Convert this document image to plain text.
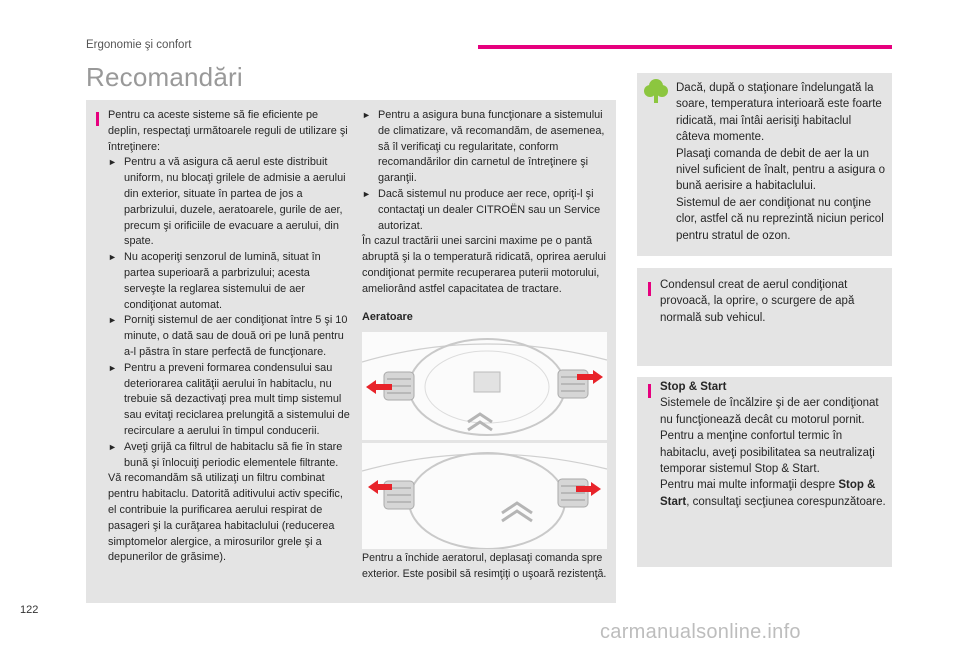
Ergonomie şi confort
Recomandări

Pentru ca aceste sisteme să fie eficiente pe deplin, respectaţi următoarele reguli de utilizare şi întreţinere:

► Pentru a vă asigura că aerul este distribuit uniform, nu blocaţi grilele de admisie a aerului din exterior, situate în partea de jos a parbrizului, duzele, aeratoarele, gurile de aer, precum şi orificiile de evacuare a aerului, din spate.
► Nu acoperiţi senzorul de lumină, situat în partea superioară a parbrizului; acesta serveşte la reglarea sistemului de aer condiţionat automat.
► Porniţi sistemul de aer condiţionat între 5 şi 10 minute, o dată sau de două ori pe lună pentru a-l păstra în stare perfectă de funcţionare.
► Pentru a preveni formarea condensului sau deteriorarea calităţii aerului în habitaclu, nu trebuie să dezactivaţi prea mult timp sistemul sau evitaţi reciclarea prelungită a sistemului de recirculare a aerului în timpul conducerii.
► Aveţi grijă ca filtrul de habitaclu să fie în stare bună şi înlocuiţi periodic elementele filtrante.

Vă recomandăm să utilizaţi un filtru combinat pentru habitaclu. Datorită aditivului activ specific, el contribuie la purificarea aerului respirat de pasageri şi la curăţarea habitaclului (reducerea simptomelor alergice, a mirosurilor grele şi a depunerilor de grăsime).

► Pentru a asigura buna funcţionare a sistemului de climatizare, vă recomandăm, de asemenea, să îl verificaţi cu regularitate, conform recomandărilor din carnetul de întreţinere şi garanţii.
► Dacă sistemul nu produce aer rece, opriţi-l şi contactaţi un dealer CITROËN sau un Service autorizat.

În cazul tractării unei sarcini maxime pe o pantă abruptă şi la o temperatură ridicată, oprirea aerului condiţionat permite recuperarea puterii motorului, ameliorând astfel capacitatea de tractare.

Aeratoare
Pentru a închide aeratorul, deplasaţi comanda spre exterior. Este posibil să resimţiţi o uşoară rezistenţă.
Dacă, după o staţionare îndelungată la soare, temperatura interioară este foarte ridicată, mai întâi aerisiţi habitaclul câteva momente.
Plasaţi comanda de debit de aer la un nivel suficient de înalt, pentru a asigura o bună aerisire a habitaclului.
Sistemul de aer condiţionat nu conţine clor, astfel că nu reprezintă niciun pericol pentru stratul de ozon.
Condensul creat de aerul condiţionat provoacă, la oprire, o scurgere de apă normală sub vehicul.

Stop & Start

Sistemele de încălzire şi de aer condiţionat nu funcţionează decât cu motorul pornit.

Pentru a menţine confortul termic în habitaclu, aveţi posibilitatea sa neutralizaţi temporar sistemul Stop & Start.

Pentru mai multe informaţii despre Stop & Start, consultaţi secţiunea corespunzătoare.

122
carmanualsonline.info
